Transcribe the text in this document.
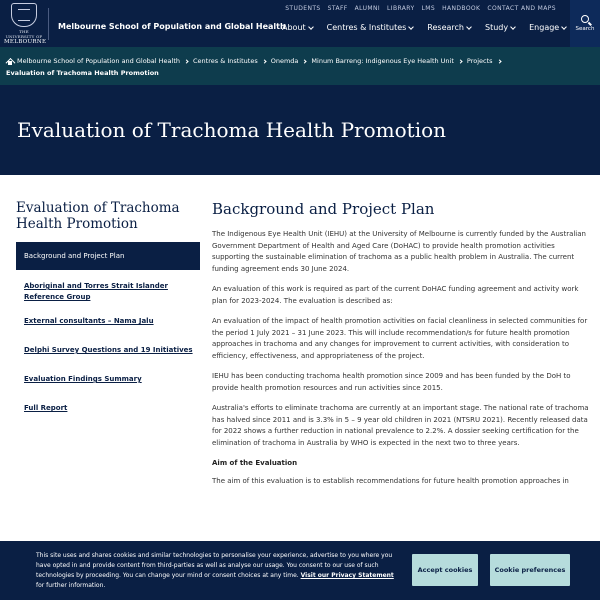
THE UNIVERSITY OF
MELBOURNE
Melbourne School of Population and Global Health
STUDENTS STAFF ALUMNI LIBRARY LMS HANDBOOK CONTACT AND MAPS
About	Centres & Institutes	Research	Study	Engage	Search
Melbourne School of Population and Global Health Centres & Institutes Onemda Minum Barreng: Indigenous Eye Health Unit Projects
Evaluation of Trachoma Health Promotion
Evaluation of Trachoma Health Promotion
Evaluation of Trachoma Health Promotion
Background and Project Plan
Aboriginal and Torres Strait Islander Reference Group
External consultants – Nama Jalu
Delphi Survey Questions and 19 Initiatives
Evaluation Findings Summary
Full Report
Background and Project Plan

The Indigenous Eye Health Unit (IEHU) at the University of Melbourne is currently funded by the Australian Government Department of Health and Aged Care (DoHAC) to provide health promotion activities supporting the sustainable elimination of trachoma as a public health problem in Australia. The current funding agreement ends 30 June 2024.

An evaluation of this work is required as part of the current DoHAC funding agreement and activity work plan for 2023-2024. The evaluation is described as:

An evaluation of the impact of health promotion activities on facial cleanliness in selected communities for the period 1 July 2021 – 31 June 2023. This will include recommendation/s for future health promotion approaches in trachoma and any changes for improvement to current activities, with consideration to efficiency, effectiveness, and appropriateness of the project.

IEHU has been conducting trachoma health promotion since 2009 and has been funded by the DoH to provide health promotion resources and run activities since 2015.

Australia's efforts to eliminate trachoma are currently at an important stage. The national rate of trachoma has halved since 2011 and is 3.3% in 5 – 9 year old children in 2021 (NTSRU 2021). Recently released data for 2022 shows a further reduction in national prevalence to 2.2%. A dossier seeking certification for the elimination of trachoma in Australia by WHO is expected in the next two to three years.

Aim of the Evaluation

The aim of this evaluation is to establish recommendations for future health promotion approaches in

This site uses and shares cookies and similar technologies to personalise your experience, advertise to you where you have opted in and provide content from third-parties as well as analyse our usage. You consent to our use of such technologies by proceeding. You can change your mind or consent choices at any time. Visit our Privacy Statement for further information.
Accept cookies	Cookie preferences
